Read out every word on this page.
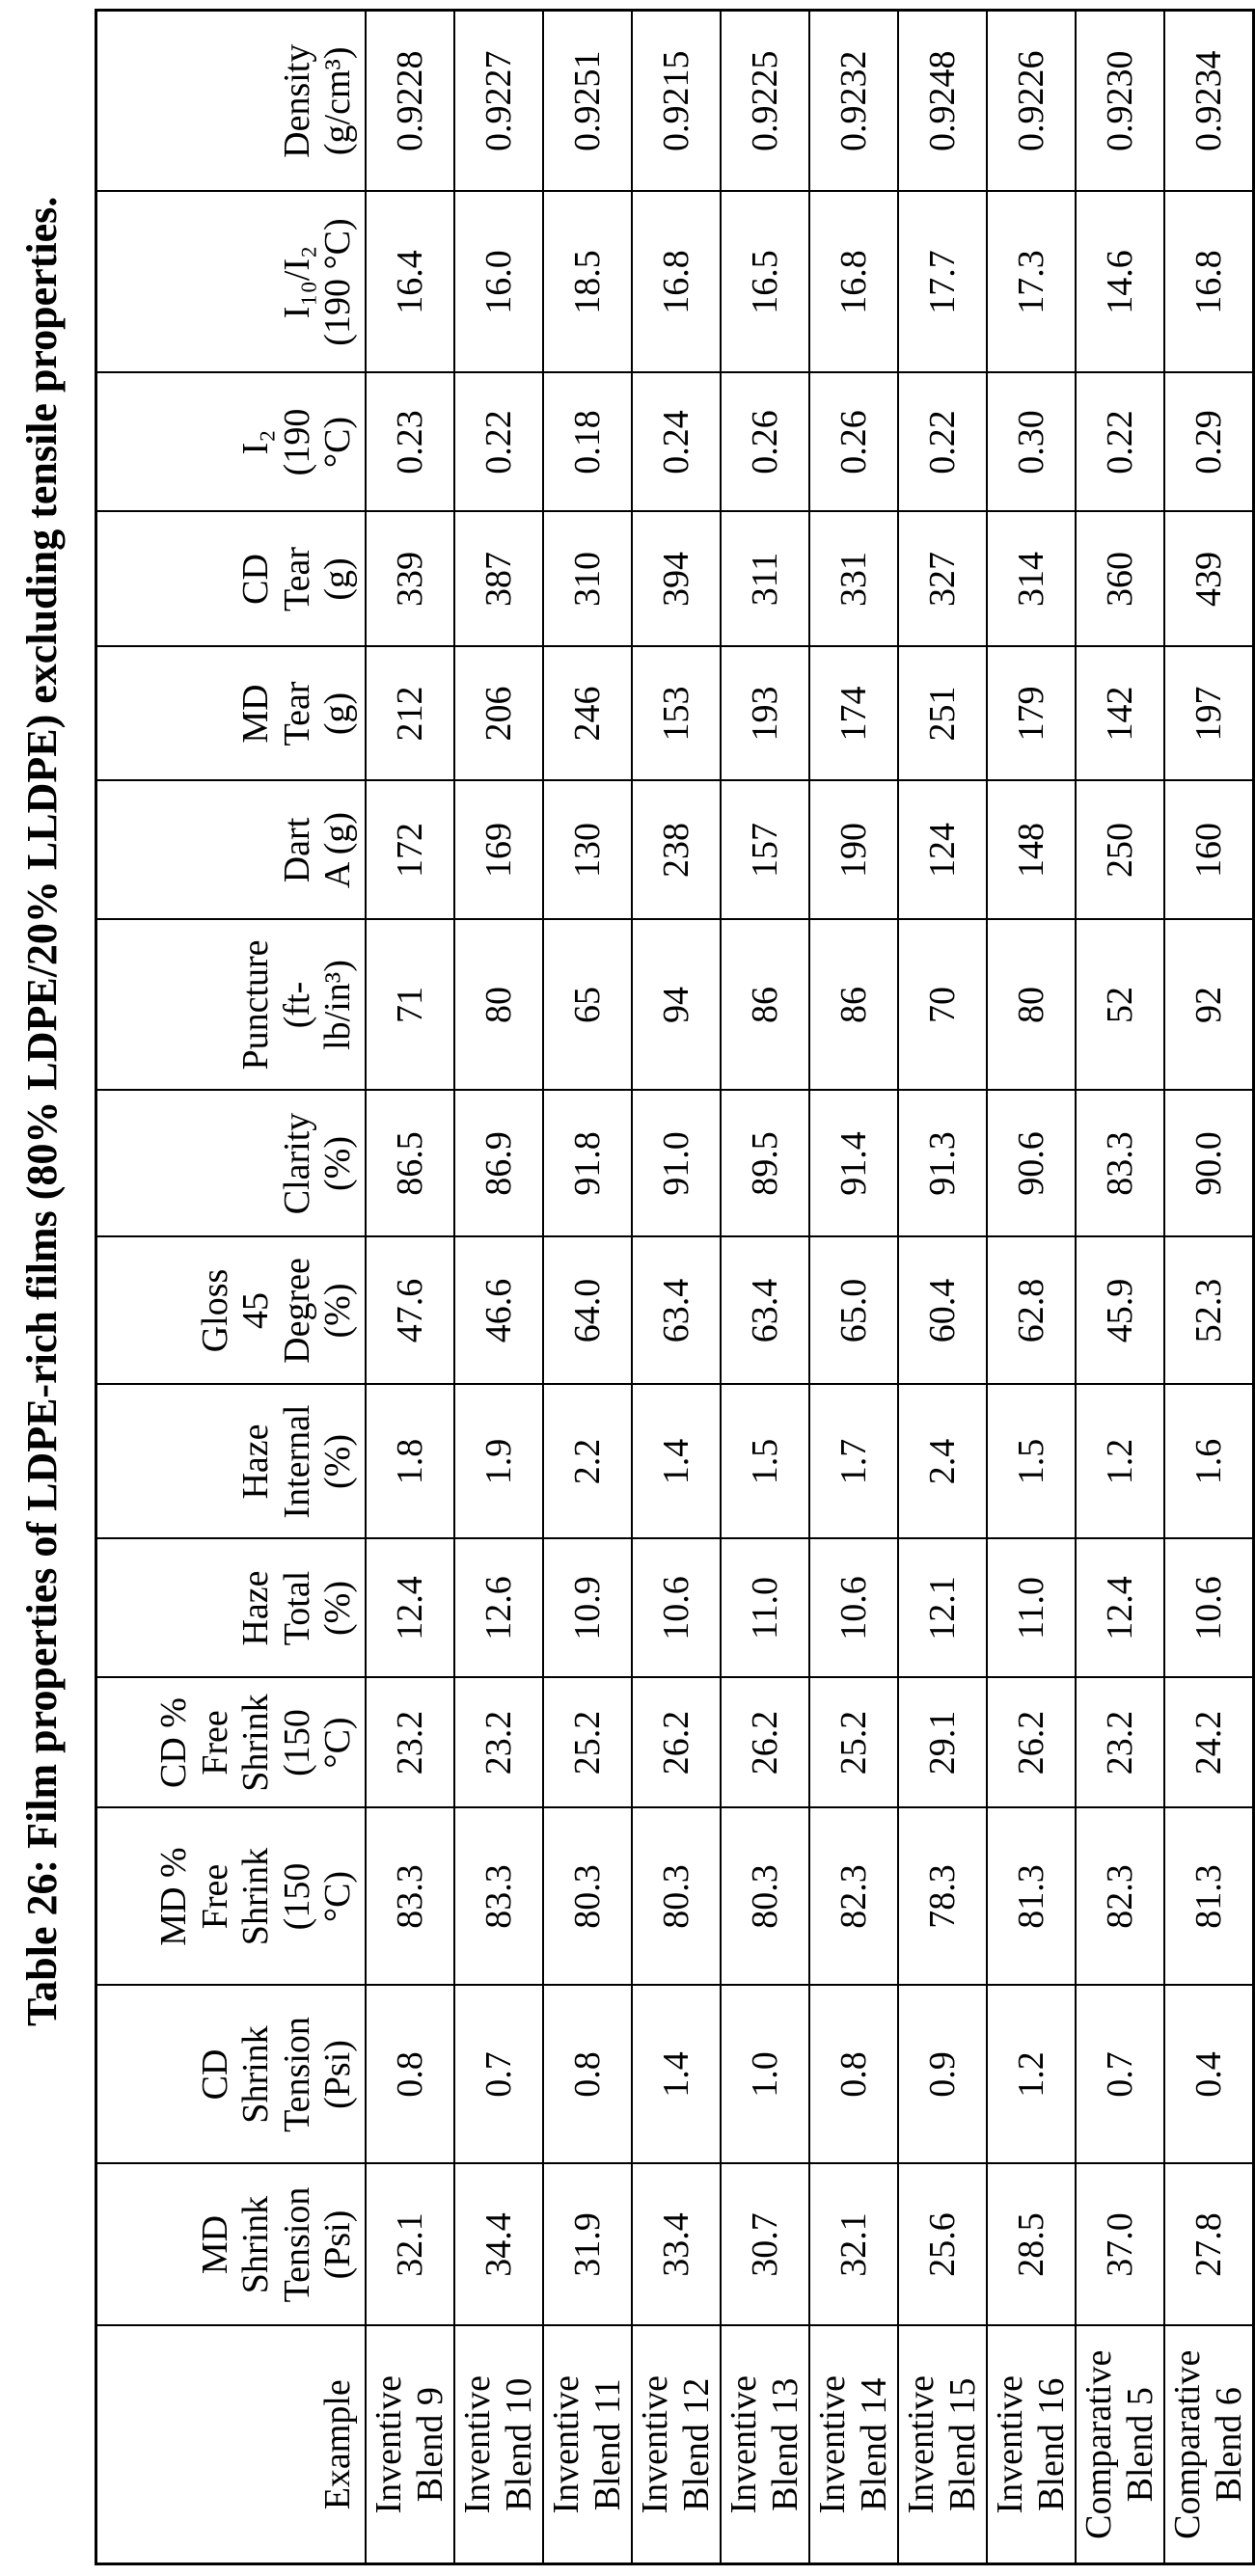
Table 26: Film properties of LDPE-rich films (80% LDPE/20% LLDPE) excluding tensile properties.
Example	MD
Shrink
Tension
(Psi)	CD
Shrink
Tension
(Psi)	MD %
Free
Shrink
(150
°C)	CD %
Free
Shrink
(150
°C)	Haze
Total
(%)	Haze
Internal
(%)	Gloss
45
Degree
(%)	Clarity
(%)	Puncture
(ft-
lb/in³)	Dart
A (g)	MD
Tear
(g)	CD
Tear
(g)	I₂
(190
°C)	I₁₀/I₂
(190 °C)	Density
(g/cm³)
Inventive
Blend 9	32.1	0.8	83.3	23.2	12.4	1.8	47.6	86.5	71	172	212	339	0.23	16.4	0.9228
Inventive
Blend 10	34.4	0.7	83.3	23.2	12.6	1.9	46.6	86.9	80	169	206	387	0.22	16.0	0.9227
Inventive
Blend 11	31.9	0.8	80.3	25.2	10.9	2.2	64.0	91.8	65	130	246	310	0.18	18.5	0.9251
Inventive
Blend 12	33.4	1.4	80.3	26.2	10.6	1.4	63.4	91.0	94	238	153	394	0.24	16.8	0.9215
Inventive
Blend 13	30.7	1.0	80.3	26.2	11.0	1.5	63.4	89.5	86	157	193	311	0.26	16.5	0.9225
Inventive
Blend 14	32.1	0.8	82.3	25.2	10.6	1.7	65.0	91.4	86	190	174	331	0.26	16.8	0.9232
Inventive
Blend 15	25.6	0.9	78.3	29.1	12.1	2.4	60.4	91.3	70	124	251	327	0.22	17.7	0.9248
Inventive
Blend 16	28.5	1.2	81.3	26.2	11.0	1.5	62.8	90.6	80	148	179	314	0.30	17.3	0.9226
Comparative
Blend 5	37.0	0.7	82.3	23.2	12.4	1.2	45.9	83.3	52	250	142	360	0.22	14.6	0.9230
Comparative
Blend 6	27.8	0.4	81.3	24.2	10.6	1.6	52.3	90.0	92	160	197	439	0.29	16.8	0.9234
